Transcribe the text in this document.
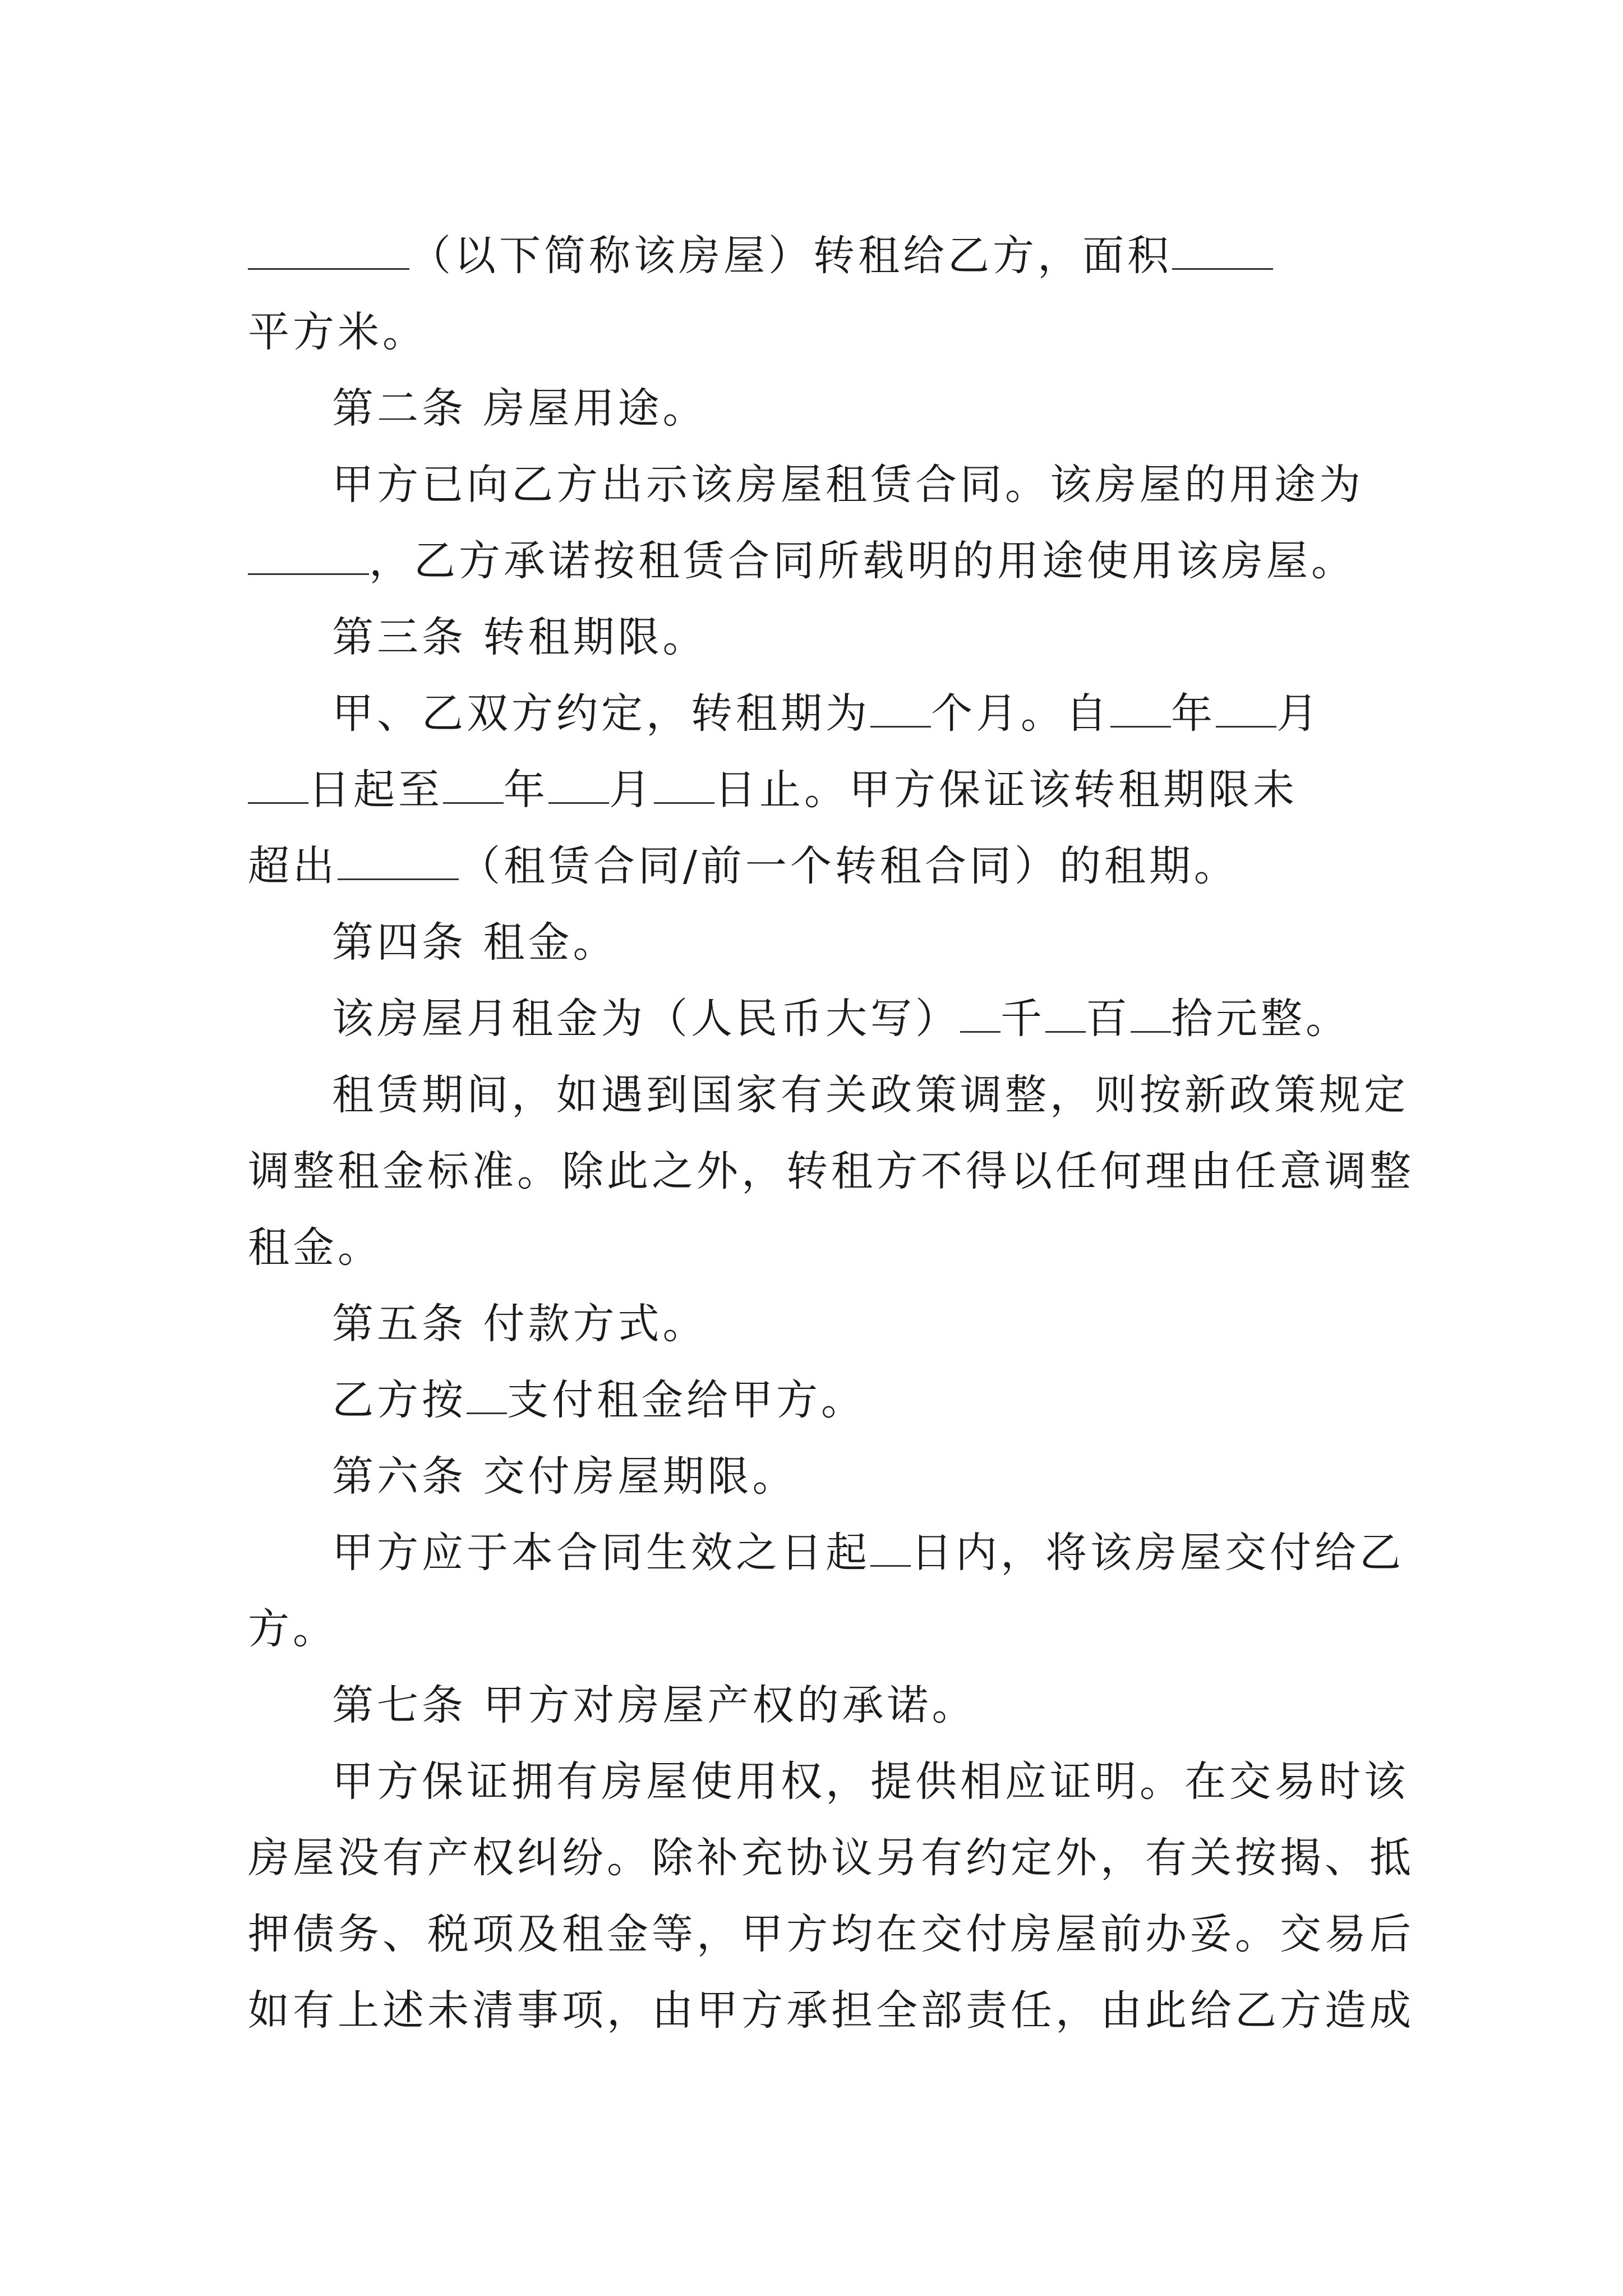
（以下简称该房屋）转租给乙方，面积
平方米。
第二条 房屋用途。
甲方已向乙方出示该房屋租赁合同。该房屋的用途为
，乙方承诺按租赁合同所载明的用途使用该房屋。
第三条 转租期限。
甲、乙双方约定，转租期为 个月。自 年 月
日起至 年 月 日止。甲方保证该转租期限未
超出	（租赁合同/前一个转租合同）的租期。
第四条 租金。
该房屋月租金为（人民币大写） 千 百 拾元整。
租赁期间，如遇到国家有关政策调整，则按新政策规定
调整租金标准。除此之外，转租方不得以任何理由任意调整
租金。
第五条 付款方式。
乙方按 支付租金给甲方。
第六条 交付房屋期限。
甲方应于本合同生效之日起 日内，将该房屋交付给乙
方。
第七条 甲方对房屋产权的承诺。
甲方保证拥有房屋使用权，提供相应证明。在交易时该
房屋没有产权纠纷。除补充协议另有约定外，有关按揭、抵
押债务、税项及租金等，甲方均在交付房屋前办妥。交易后
如有上述未清事项，由甲方承担全部责任，由此给乙方造成
